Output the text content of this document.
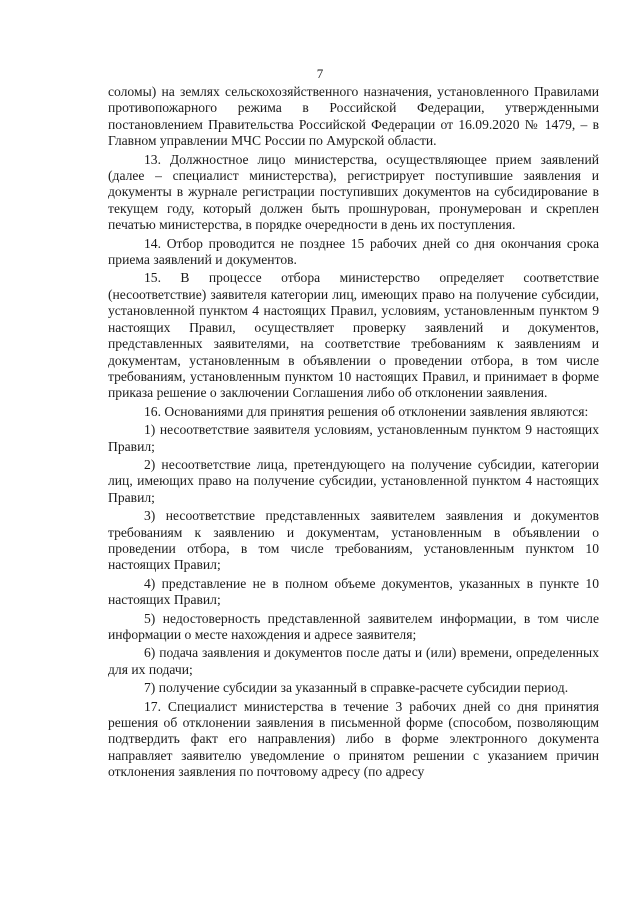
7

соломы) на землях сельскохозяйственного назначения, установленного Правилами противопожарного режима в Российской Федерации, утвержденными постановлением Правительства Российской Федерации от 16.09.2020 № 1479, – в Главном управлении МЧС России по Амурской области.

13. Должностное лицо министерства, осуществляющее прием заявлений (далее – специалист министерства), регистрирует поступившие заявления и документы в журнале регистрации поступивших документов на субсидирование в текущем году, который должен быть прошнурован, пронумерован и скреплен печатью министерства, в порядке очередности в день их поступления.

14. Отбор проводится не позднее 15 рабочих дней со дня окончания срока приема заявлений и документов.

15. В процессе отбора министерство определяет соответствие (несоответствие) заявителя категории лиц, имеющих право на получение субсидии, установленной пунктом 4 настоящих Правил, условиям, установленным пунктом 9 настоящих Правил, осуществляет проверку заявлений и документов, представленных заявителями, на соответствие требованиям к заявлениям и документам, установленным в объявлении о проведении отбора, в том числе требованиям, установленным пунктом 10 настоящих Правил, и принимает в форме приказа решение о заключении Соглашения либо об отклонении заявления.

16. Основаниями для принятия решения об отклонении заявления являются:

1) несоответствие заявителя условиям, установленным пунктом 9 настоящих Правил;

2) несоответствие лица, претендующего на получение субсидии, категории лиц, имеющих право на получение субсидии, установленной пунктом 4 настоящих Правил;

3) несоответствие представленных заявителем заявления и документов требованиям к заявлению и документам, установленным в объявлении о проведении отбора, в том числе требованиям, установленным пунктом 10 настоящих Правил;

4) представление не в полном объеме документов, указанных в пункте 10 настоящих Правил;

5) недостоверность представленной заявителем информации, в том числе информации о месте нахождения и адресе заявителя;

6) подача заявления и документов после даты и (или) времени, определенных для их подачи;

7) получение субсидии за указанный в справке-расчете субсидии период.

17. Специалист министерства в течение 3 рабочих дней со дня принятия решения об отклонении заявления в письменной форме (способом, позволяющим подтвердить факт его направления) либо в форме электронного документа направляет заявителю уведомление о принятом решении с указанием причин отклонения заявления по почтовому адресу (по адресу
